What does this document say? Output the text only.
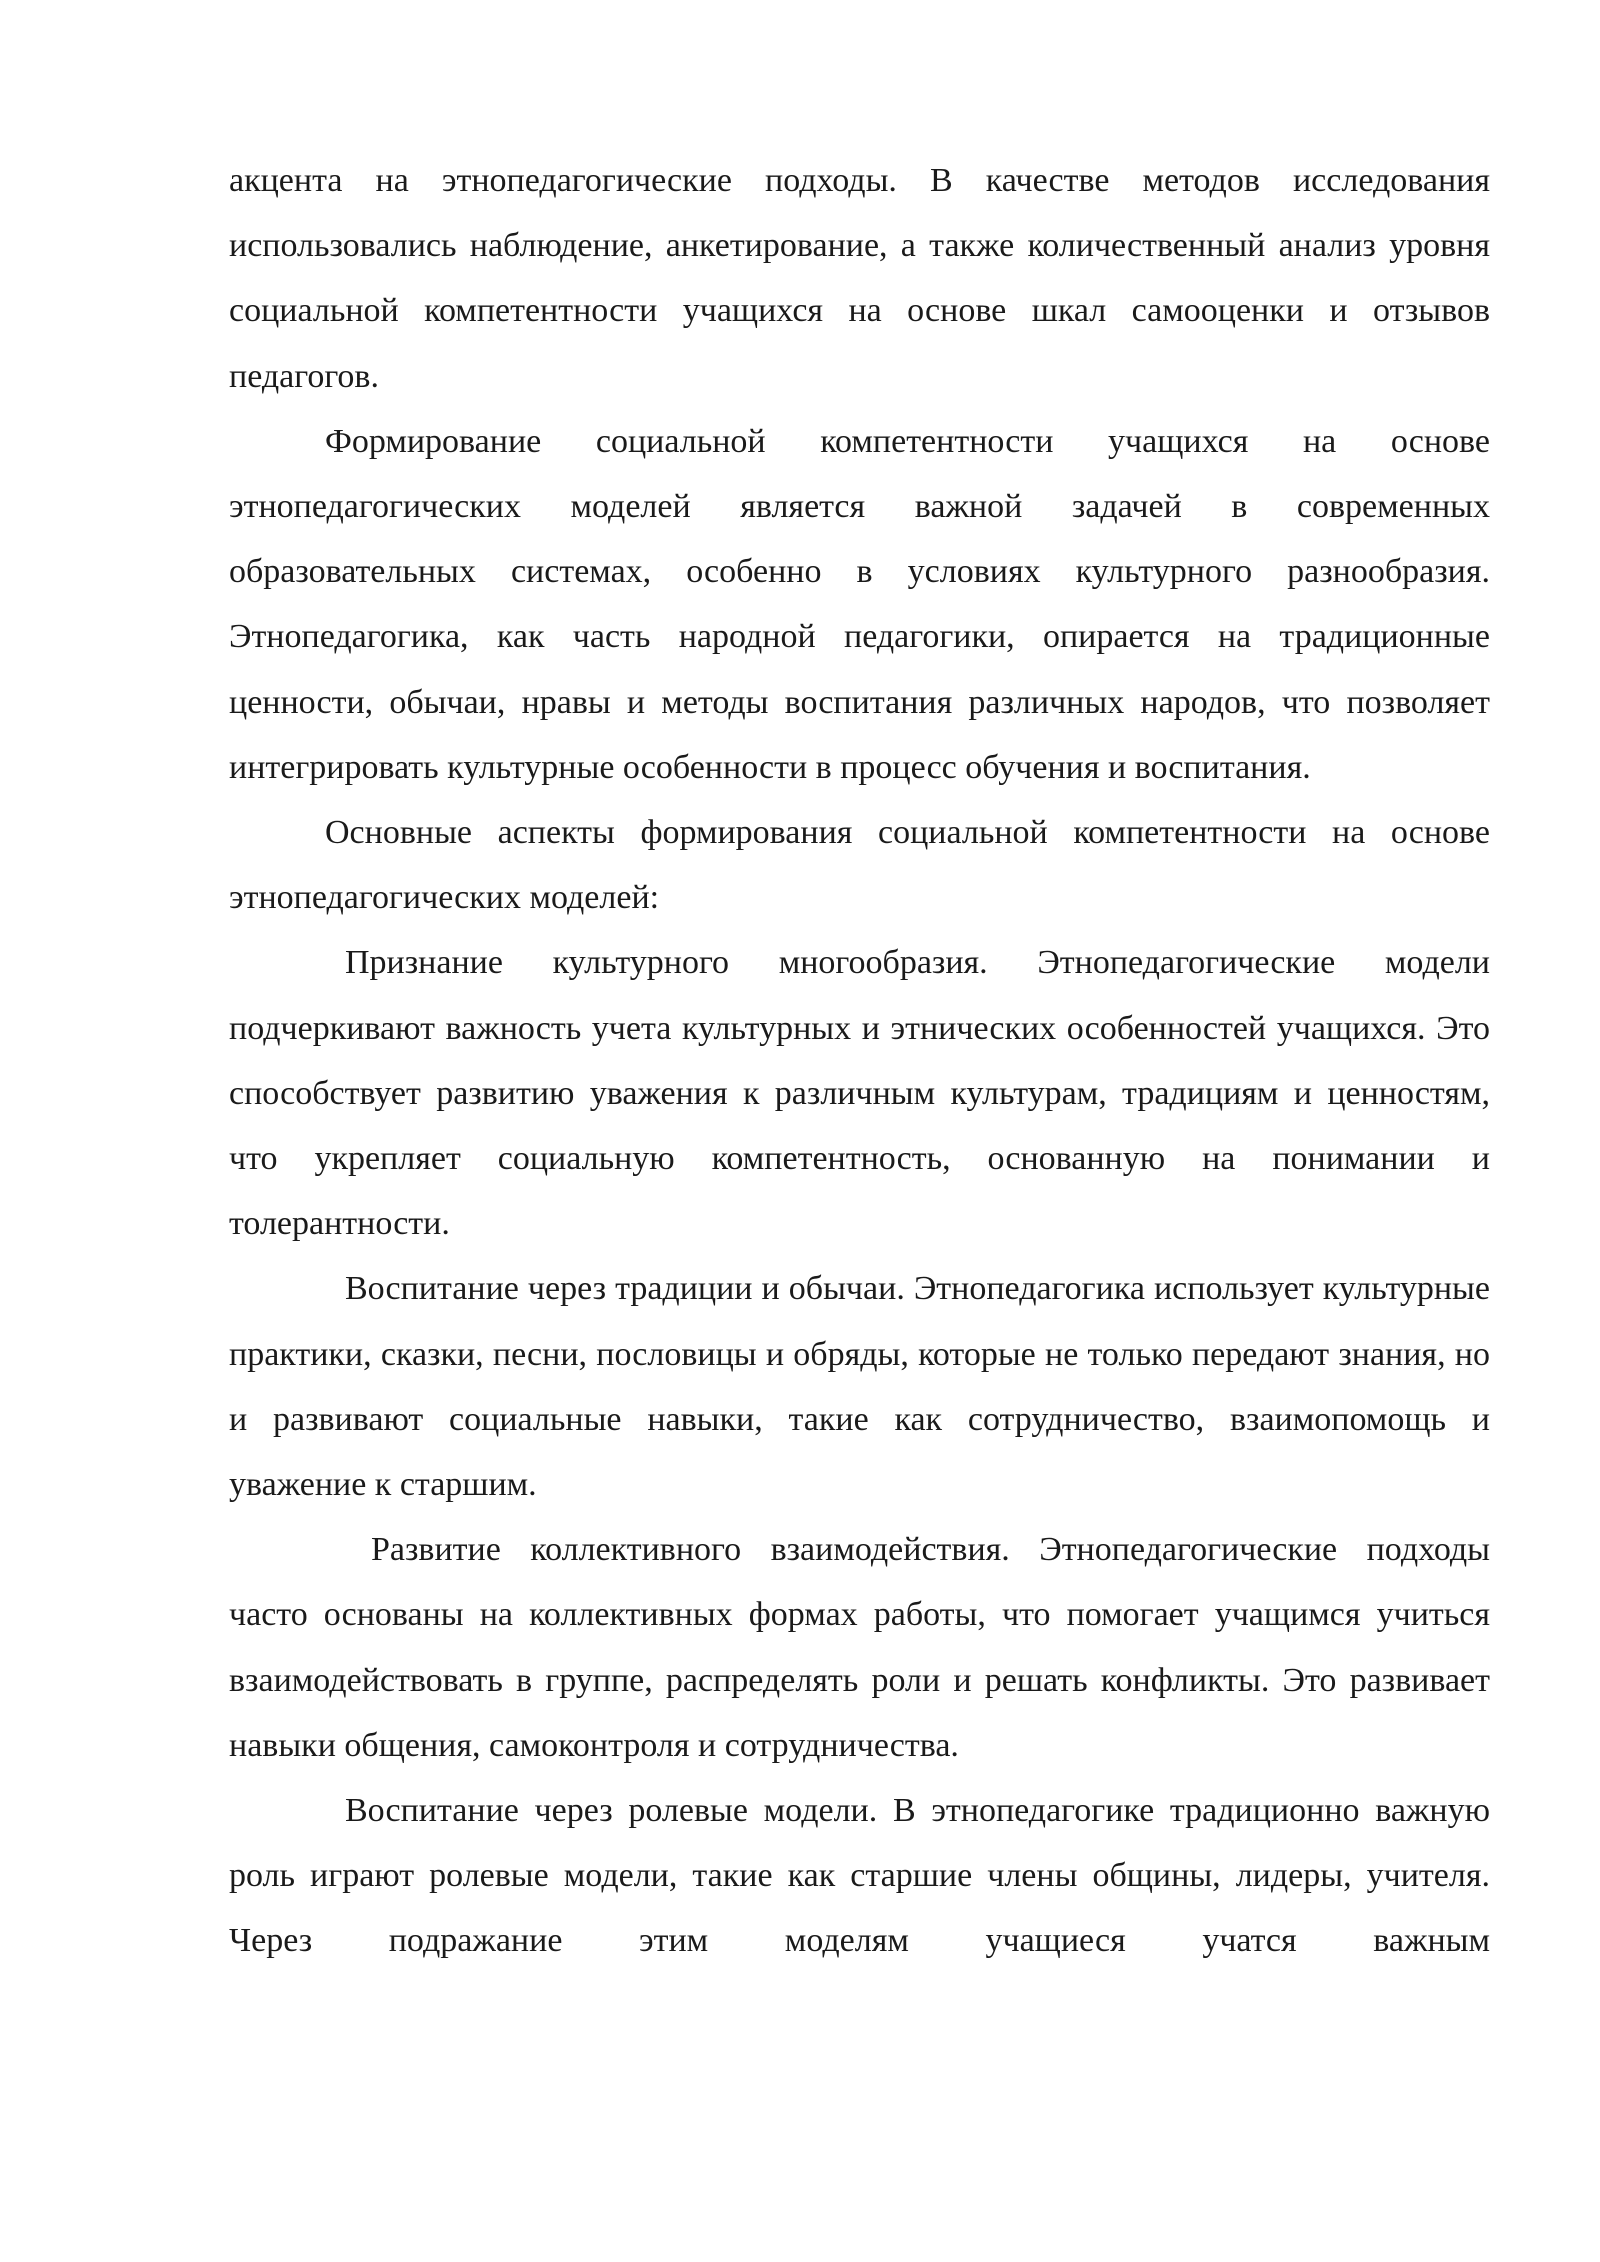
акцента на этнопедагогические подходы. В качестве методов исследования использовались наблюдение, анкетирование, а также количественный анализ уровня социальной компетентности учащихся на основе шкал самооценки и отзывов педагогов.

Формирование социальной компетентности учащихся на основе этнопедагогических моделей является важной задачей в современных образовательных системах, особенно в условиях культурного разнообразия. Этнопедагогика, как часть народной педагогики, опирается на традиционные ценности, обычаи, нравы и методы воспитания различных народов, что позволяет интегрировать культурные особенности в процесс обучения и воспитания.

Основные аспекты формирования социальной компетентности на основе этнопедагогических моделей:

Признание культурного многообразия. Этнопедагогические модели подчеркивают важность учета культурных и этнических особенностей учащихся. Это способствует развитию уважения к различным культурам, традициям и ценностям, что укрепляет социальную компетентность, основанную на понимании и толерантности.

Воспитание через традиции и обычаи. Этнопедагогика использует культурные практики, сказки, песни, пословицы и обряды, которые не только передают знания, но и развивают социальные навыки, такие как сотрудничество, взаимопомощь и уважение к старшим.

Развитие коллективного взаимодействия. Этнопедагогические подходы часто основаны на коллективных формах работы, что помогает учащимся учиться взаимодействовать в группе, распределять роли и решать конфликты. Это развивает навыки общения, самоконтроля и сотрудничества.

Воспитание через ролевые модели. В этнопедагогике традиционно важную роль играют ролевые модели, такие как старшие члены общины, лидеры, учителя. Через подражание этим моделям учащиеся учатся важным
